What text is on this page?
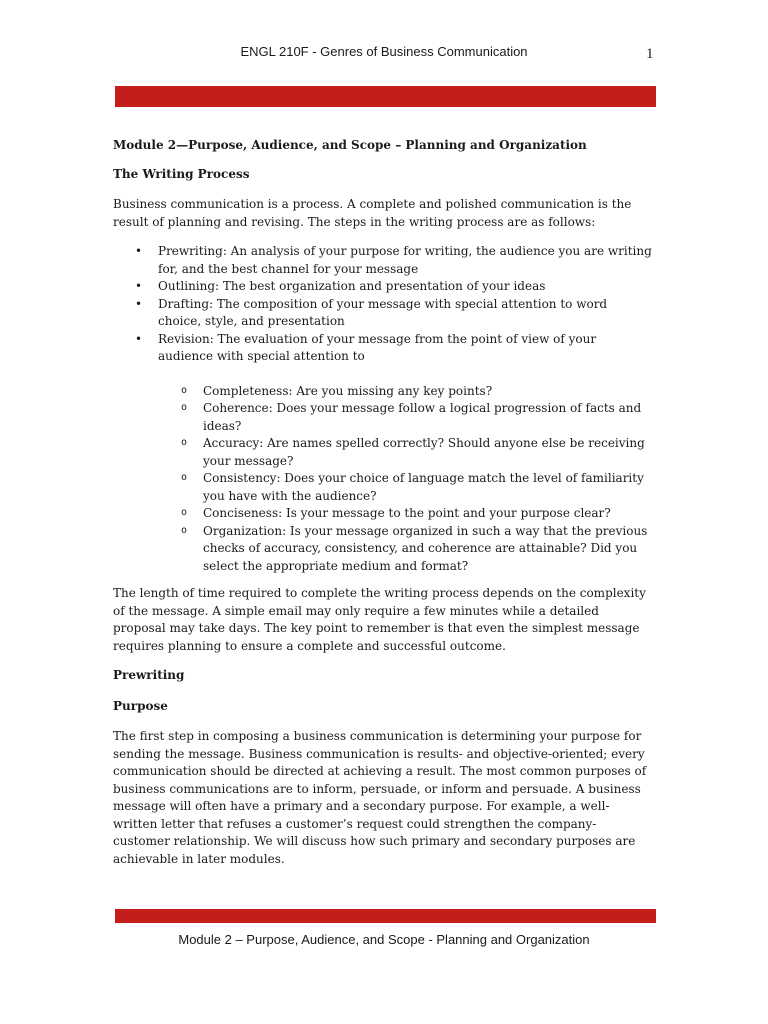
ENGL 210F - Genres of Business Communication	1
Module 2—Purpose, Audience, and Scope – Planning and Organization
The Writing Process

Business communication is a process. A complete and polished communication is the result of planning and revising. The steps in the writing process are as follows:

• Prewriting: An analysis of your purpose for writing, the audience you are writing for, and the best channel for your message
• Outlining: The best organization and presentation of your ideas
• Drafting: The composition of your message with special attention to word choice, style, and presentation
• Revision: The evaluation of your message from the point of view of your audience with special attention to
o Completeness: Are you missing any key points?
o Coherence: Does your message follow a logical progression of facts and ideas?
o Accuracy: Are names spelled correctly? Should anyone else be receiving your message?
o Consistency: Does your choice of language match the level of familiarity you have with the audience?
o Conciseness: Is your message to the point and your purpose clear?
o Organization: Is your message organized in such a way that the previous checks of accuracy, consistency, and coherence are attainable? Did you select the appropriate medium and format?

The length of time required to complete the writing process depends on the complexity of the message. A simple email may only require a few minutes while a detailed proposal may take days. The key point to remember is that even the simplest message requires planning to ensure a complete and successful outcome.

Prewriting
Purpose

The first step in composing a business communication is determining your purpose for sending the message. Business communication is results- and objective-oriented; every communication should be directed at achieving a result. The most common purposes of business communications are to inform, persuade, or inform and persuade. A business message will often have a primary and a secondary purpose. For example, a well-written letter that refuses a customer’s request could strengthen the company-customer relationship. We will discuss how such primary and secondary purposes are achievable in later modules.

Module 2 – Purpose, Audience, and Scope - Planning and Organization
